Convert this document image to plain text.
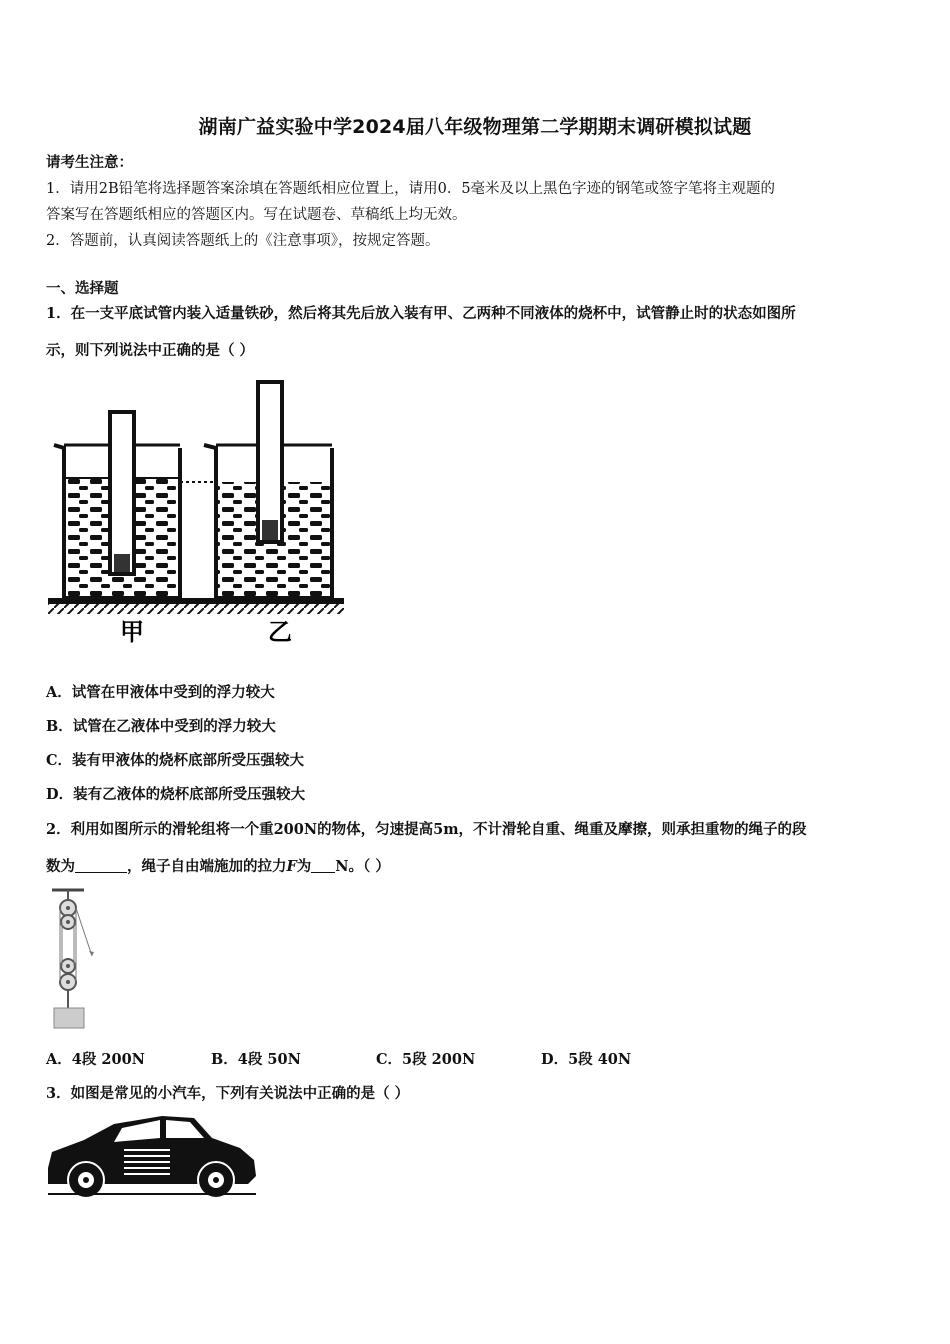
湖南广益实验中学2024届八年级物理第二学期期末调研模拟试题
请考生注意：
1．请用2B铅笔将选择题答案涂填在答题纸相应位置上，请用0．5毫米及以上黑色字迹的钢笔或签字笔将主观题的
答案写在答题纸相应的答题区内。写在试题卷、草稿纸上均无效。
2．答题前，认真阅读答题纸上的《注意事项》，按规定答题。
一、选择题
1．在一支平底试管内装入适量铁砂，然后将其先后放入装有甲、乙两种不同液体的烧杯中，试管静止时的状态如图所
示，则下列说法中正确的是（ ）
甲	乙
A．试管在甲液体中受到的浮力较大
B．试管在乙液体中受到的浮力较大
C．装有甲液体的烧杯底部所受压强较大
D．装有乙液体的烧杯底部所受压强较大
2．利用如图所示的滑轮组将一个重200N的物体，匀速提高5m，不计滑轮自重、绳重及摩擦，则承担重物的绳子的段
数为	，绳子自由端施加的拉力F为 N。（ ）
A．4段 200N	B．4段 50N	C．5段 200N	D．5段 40N
3．如图是常见的小汽车，下列有关说法中正确的是（ ）
